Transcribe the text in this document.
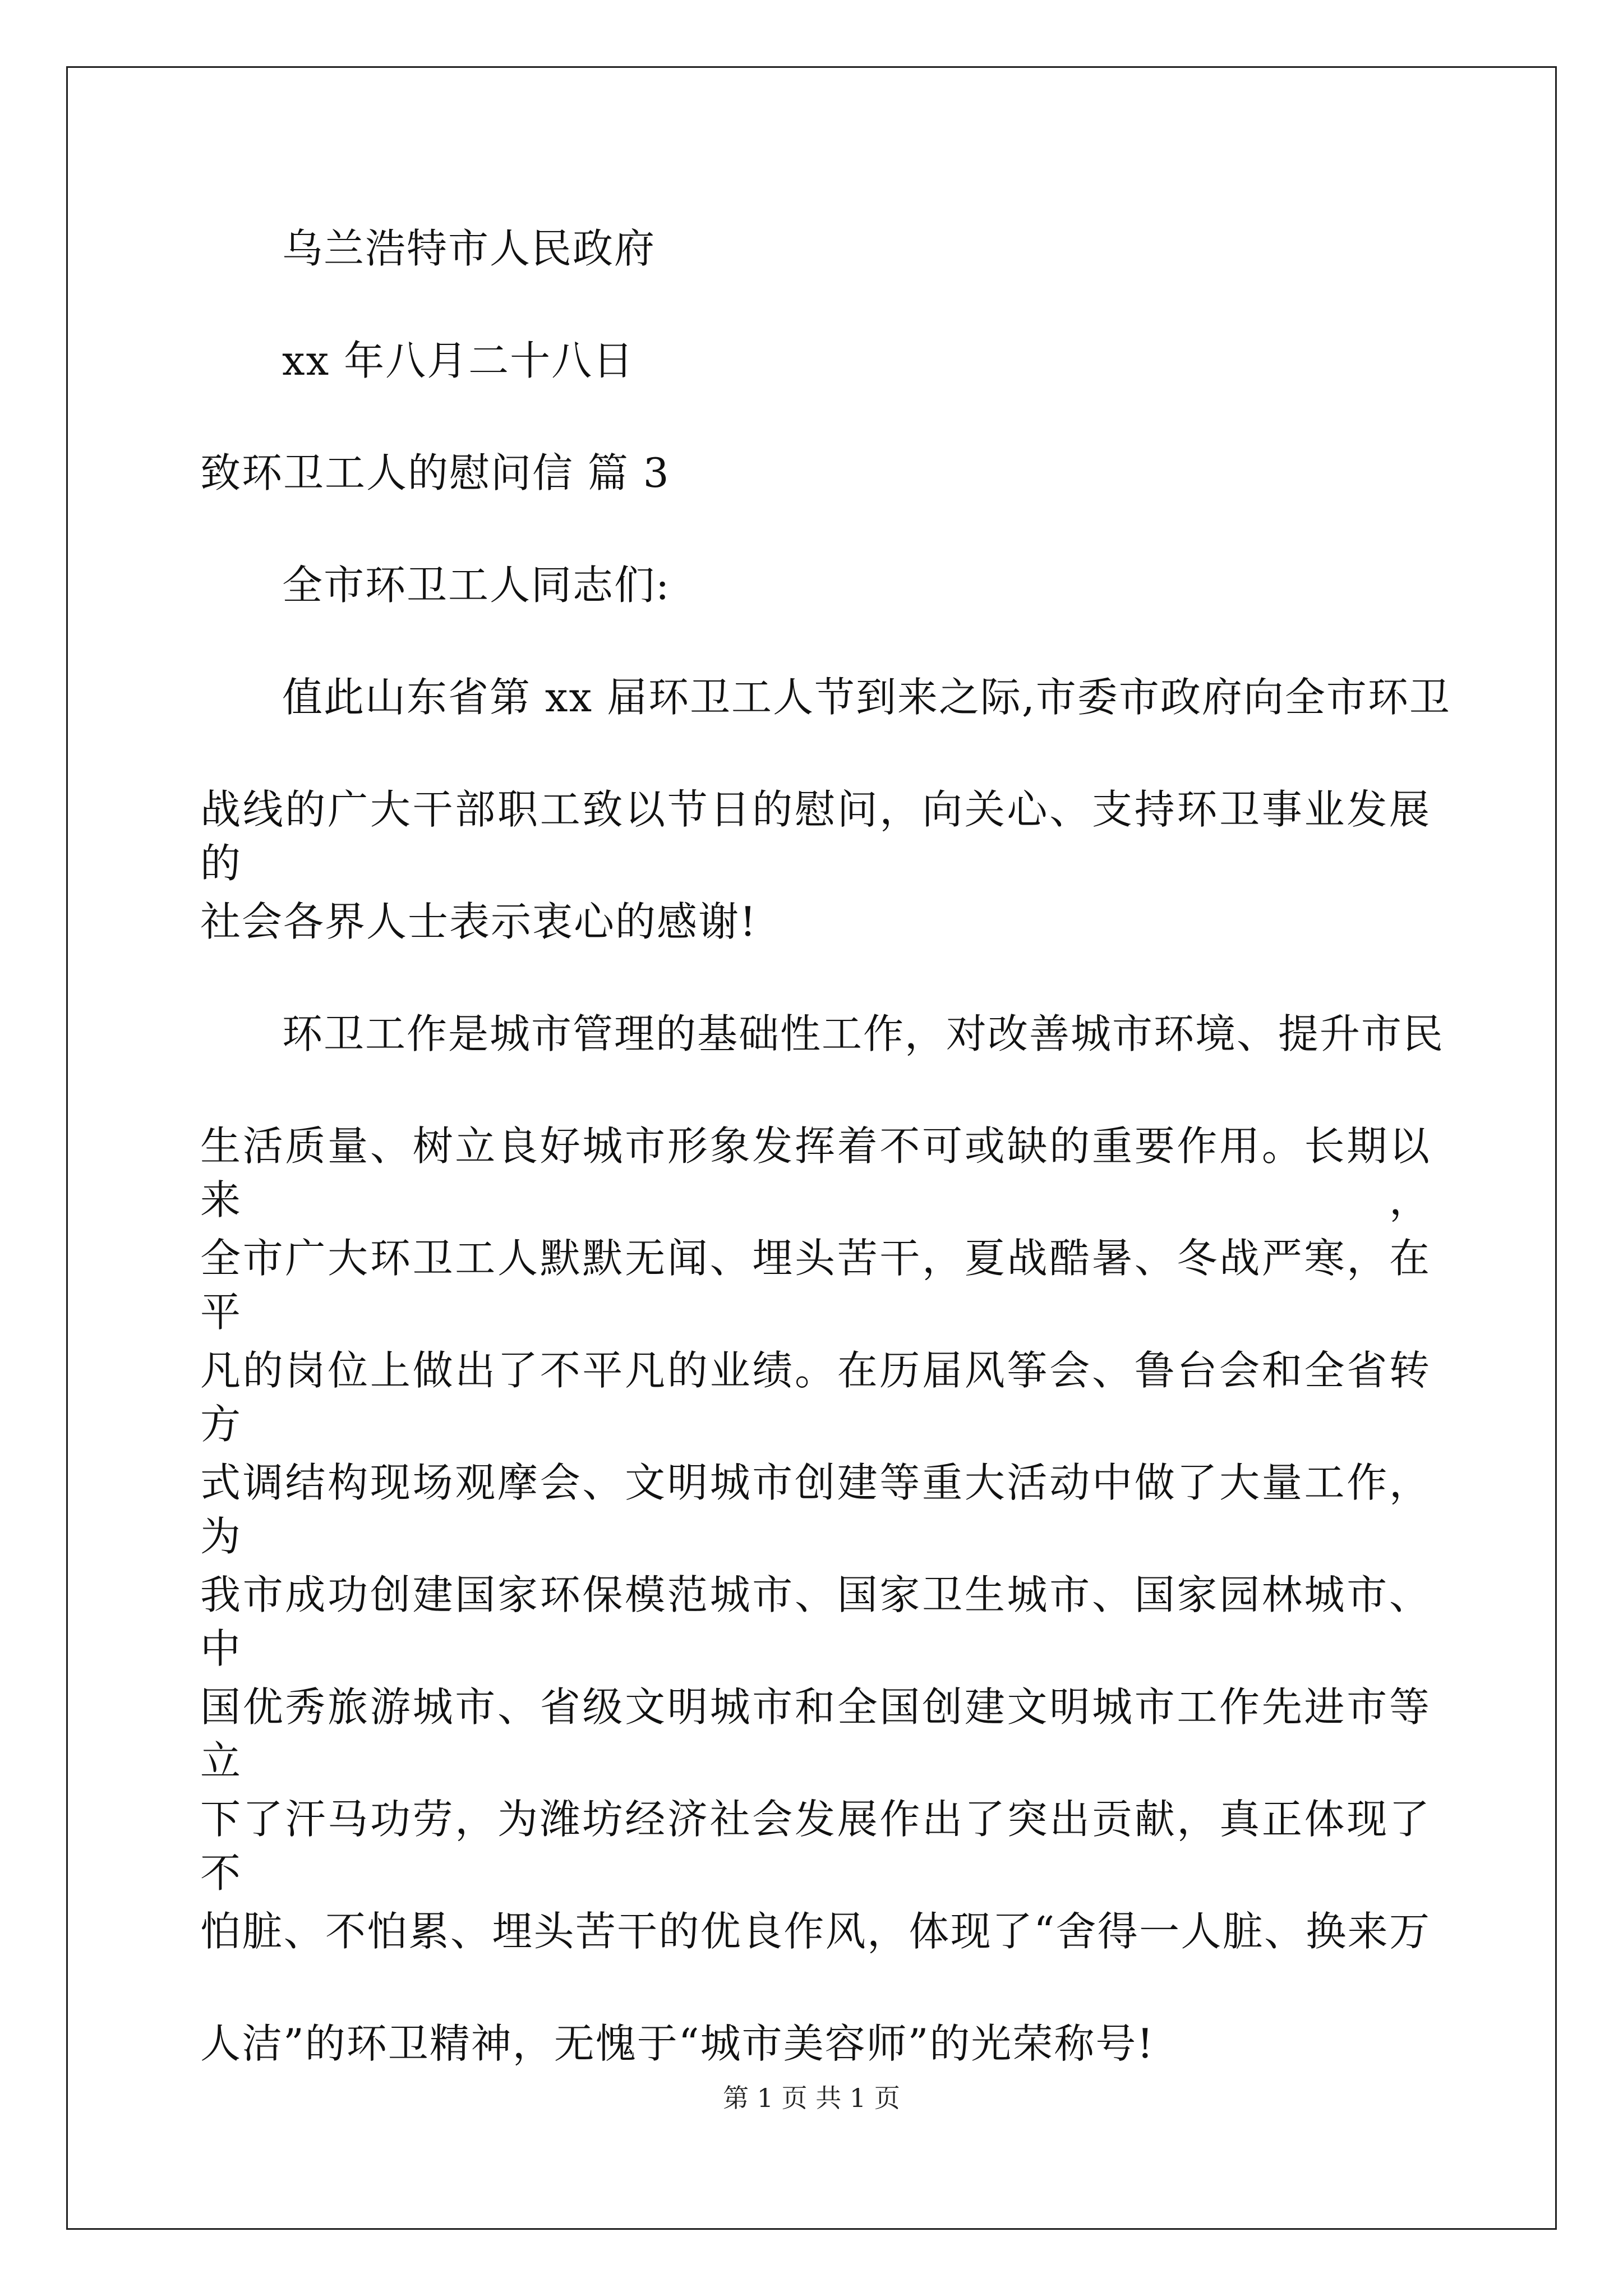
乌兰浩特市人民政府
xx 年八月二十八日
致环卫工人的慰问信 篇 3
全市环卫工人同志们:
值此山东省第 xx 届环卫工人节到来之际,市委市政府向全市环卫
战线的广大干部职工致以节日的慰问，向关心、支持环卫事业发展的
社会各界人士表示衷心的感谢!
环卫工作是城市管理的基础性工作，对改善城市环境、提升市民
生活质量、树立良好城市形象发挥着不可或缺的重要作用。长期以来，
全市广大环卫工人默默无闻、埋头苦干，夏战酷暑、冬战严寒，在平
凡的岗位上做出了不平凡的业绩。在历届风筝会、鲁台会和全省转方
式调结构现场观摩会、文明城市创建等重大活动中做了大量工作，为
我市成功创建国家环保模范城市、国家卫生城市、国家园林城市、中
国优秀旅游城市、省级文明城市和全国创建文明城市工作先进市等立
下了汗马功劳，为潍坊经济社会发展作出了突出贡献，真正体现了不
怕脏、不怕累、埋头苦干的优良作风，体现了“舍得一人脏、换来万
人洁”的环卫精神，无愧于“城市美容师”的光荣称号!
第 1 页 共 1 页
